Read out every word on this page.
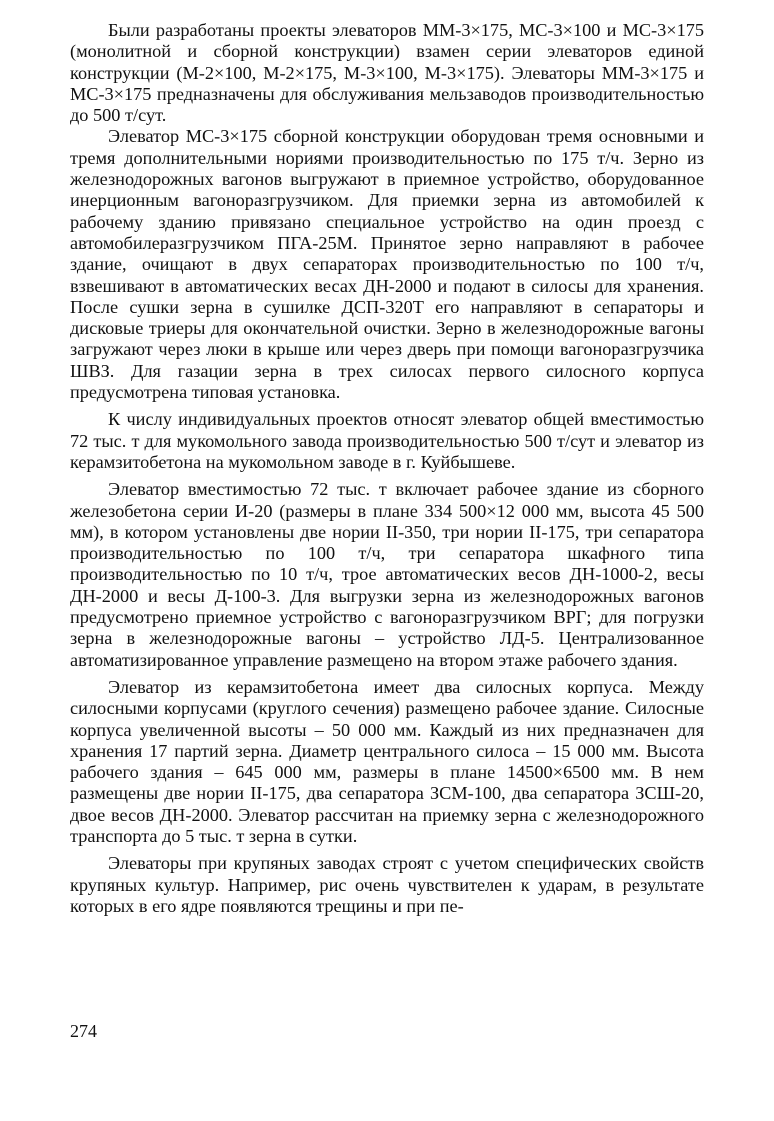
Были разработаны проекты элеваторов ММ-3×175, МС-3×100 и МС-3×175 (монолитной и сборной конструкции) взамен серии элеваторов единой конструкции (М-2×100, М-2×175, М-3×100, М-3×175). Элеваторы ММ-3×175 и МС-3×175 предназначены для обслуживания мельзаводов производительностью до 500 т/сут.

Элеватор МС-3×175 сборной конструкции оборудован тремя основными и тремя дополнительными нориями производительностью по 175 т/ч. Зерно из железнодорожных вагонов выгружают в приемное устройство, оборудованное инерционным вагоноразгрузчиком. Для приемки зерна из автомобилей к рабочему зданию привязано специальное устройство на один проезд с автомобилеразгрузчиком ПГА-25М. Принятое зерно направляют в рабочее здание, очищают в двух сепараторах производительностью по 100 т/ч, взвешивают в автоматических весах ДН-2000 и подают в силосы для хранения. После сушки зерна в сушилке ДСП-320Т его направляют в сепараторы и дисковые триеры для окончательной очистки. Зерно в железнодорожные вагоны загружают через люки в крыше или через дверь при помощи вагоноразгрузчика ШВЗ. Для газации зерна в трех силосах первого силосного корпуса предусмотрена типовая установка.

К числу индивидуальных проектов относят элеватор общей вместимостью 72 тыс. т для мукомольного завода производительностью 500 т/сут и элеватор из керамзитобетона на мукомольном заводе в г. Куйбышеве.

Элеватор вместимостью 72 тыс. т включает рабочее здание из сборного железобетона серии И-20 (размеры в плане 334 500×12 000 мм, высота 45 500 мм), в котором установлены две нории II-350, три нории II-175, три сепаратора производительностью по 100 т/ч, три сепаратора шкафного типа производительностью по 10 т/ч, трое автоматических весов ДН-1000-2, весы ДН-2000 и весы Д-100-3. Для выгрузки зерна из железнодорожных вагонов предусмотрено приемное устройство с вагоноразгрузчиком ВРГ; для погрузки зерна в железнодорожные вагоны – устройство ЛД-5. Централизованное автоматизированное управление размещено на втором этаже рабочего здания.

Элеватор из керамзитобетона имеет два силосных корпуса. Между силосными корпусами (круглого сечения) размещено рабочее здание. Силосные корпуса увеличенной высоты – 50 000 мм. Каждый из них предназначен для хранения 17 партий зерна. Диаметр центрального силоса – 15 000 мм. Высота рабочего здания – 645 000 мм, размеры в плане 14500×6500 мм. В нем размещены две нории II-175, два сепаратора ЗСМ-100, два сепаратора ЗСШ-20, двое весов ДН-2000. Элеватор рассчитан на приемку зерна с железнодорожного транспорта до 5 тыс. т зерна в сутки.

Элеваторы при крупяных заводах строят с учетом специфических свойств крупяных культур. Например, рис очень чувствителен к ударам, в результате которых в его ядре появляются трещины и при пе-

274
